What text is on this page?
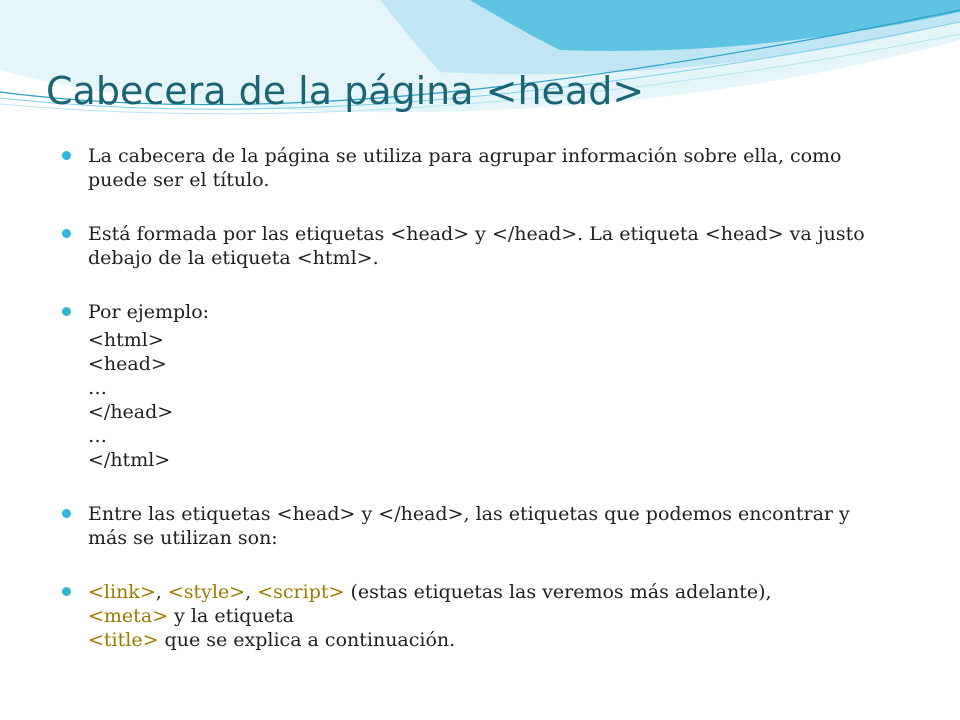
Cabecera de la página <head>
La cabecera de la página se utiliza para agrupar información sobre ella, como
puede ser el título.
Está formada por las etiquetas <head> y </head>. La etiqueta <head> va justo
debajo de la etiqueta <html>.
Por ejemplo:
<html>
<head>
…
</head>
…
</html>
Entre las etiquetas <head> y </head>, las etiquetas que podemos encontrar y
más se utilizan son:
<link>, <style>, <script> (estas etiquetas las veremos más adelante),
<meta> y la etiqueta
<title> que se explica a continuación.
